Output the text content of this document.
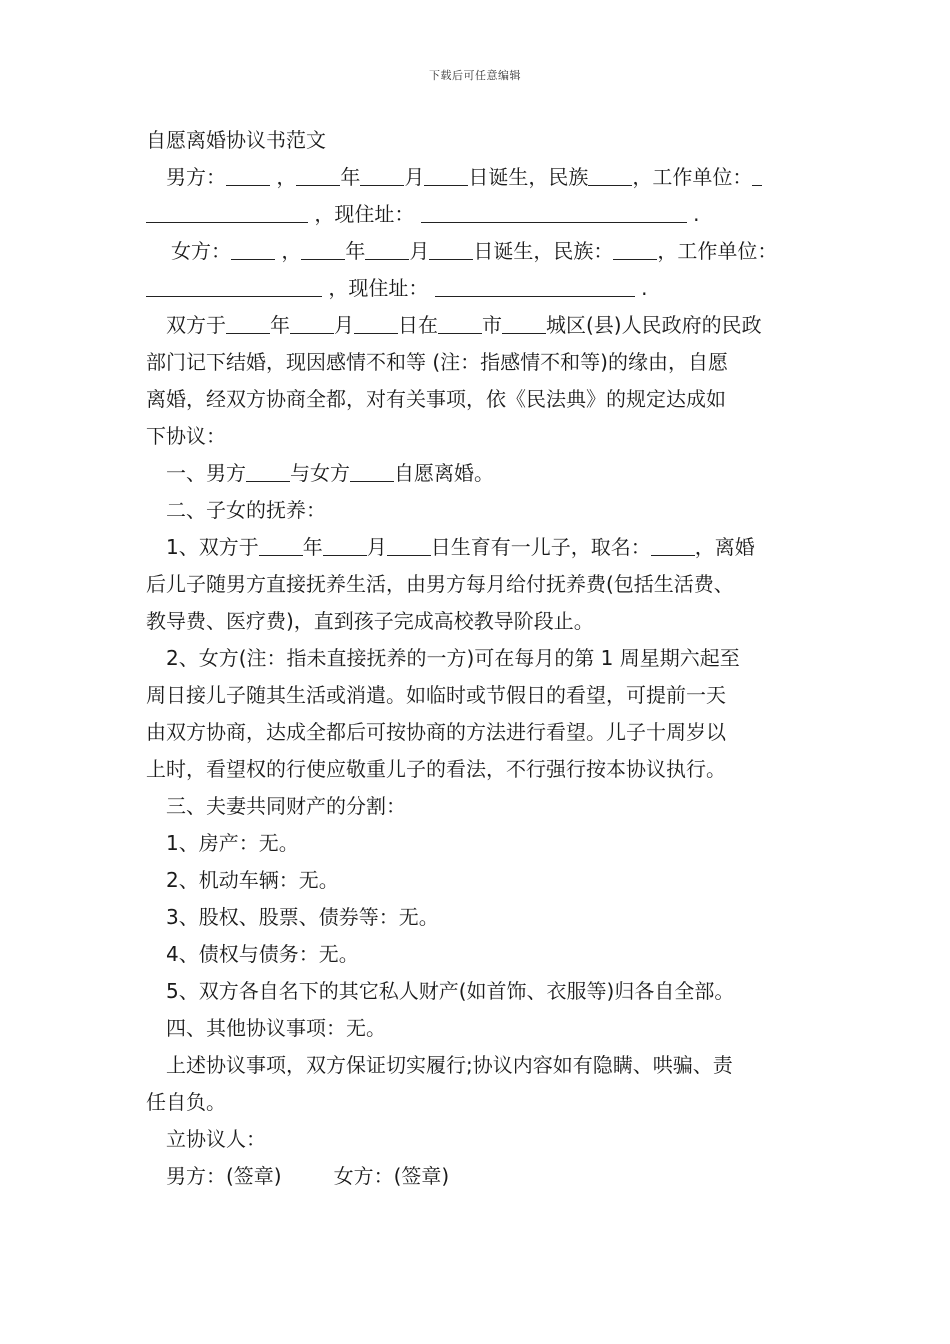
下载后可任意编辑
自愿离婚协议书范文
男方：	， 年 月 日诞生，民族 ，工作单位：
，现住址：	.
女方：	， 年 月 日诞生，民族： ，工作单位：
，现住址：	.
双方于 年 月 日在 市 城区(县)人民政府的民政
部门记下结婚，现因感情不和等 (注：指感情不和等)的缘由，自愿
离婚，经双方协商全都，对有关事项，依《民法典》的规定达成如
下协议：
一、男方 与女方 自愿离婚。
二、子女的抚养：
1、双方于 年 月 日生育有一儿子，取名： ，离婚
后儿子随男方直接抚养生活，由男方每月给付抚养费(包括生活费、
教导费、医疗费)，直到孩子完成高校教导阶段止。
2、女方(注：指未直接抚养的一方)可在每月的第 1 周星期六起至
周日接儿子随其生活或消遣。如临时或节假日的看望，可提前一天
由双方协商，达成全都后可按协商的方法进行看望。儿子十周岁以
上时，看望权的行使应敬重儿子的看法，不行强行按本协议执行。
三、夫妻共同财产的分割：
1、房产：无。
2、机动车辆：无。
3、股权、股票、债券等：无。
4、债权与债务：无。
5、双方各自名下的其它私人财产(如首饰、衣服等)归各自全部。
四、其他协议事项：无。
上述协议事项，双方保证切实履行;协议内容如有隐瞒、哄骗、责
任自负。
立协议人：
男方：(签章)	女方：(签章)
